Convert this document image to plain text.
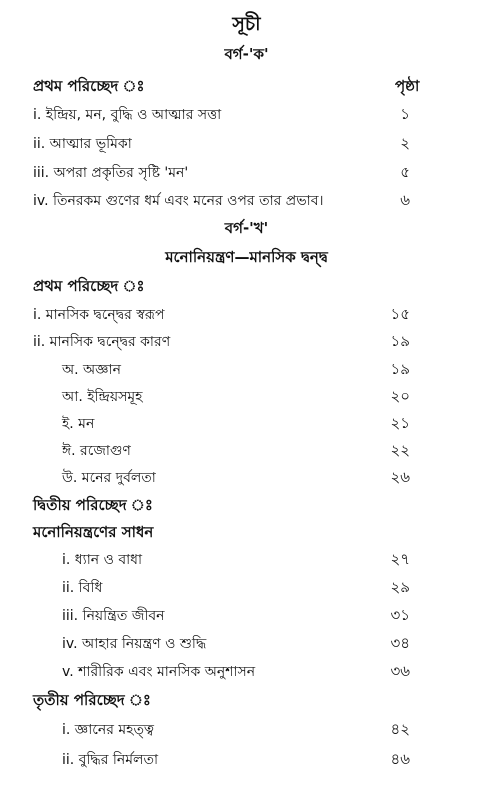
সূচী
বর্গ-'ক'
প্রথম পরিচ্ছেদ ঃ	পৃষ্ঠা
i. ইন্দ্রিয়, মন, বুদ্ধি ও আত্মার সত্তা	১
ii. আত্মার ভূমিকা	২
iii. অপরা প্রকৃতির সৃষ্টি 'মন'	৫
iv. তিনরকম গুণের ধর্ম এবং মনের ওপর তার প্রভাব।	৬
বর্গ-'খ'
মনোনিয়ন্ত্রণ—মানসিক দ্বন্দ্ব
প্রথম পরিচ্ছেদ ঃ
i. মানসিক দ্বন্দ্বের স্বরূপ	১৫
ii. মানসিক দ্বন্দ্বের কারণ	১৯
অ. অজ্ঞান	১৯
আ. ইন্দ্রিয়সমূহ	২০
ই. মন	২১
ঈ. রজোগুণ	২২
উ. মনের দুর্বলতা	২৬
দ্বিতীয় পরিচ্ছেদ ঃ
মনোনিয়ন্ত্রণের সাধন
i. ধ্যান ও বাধা	২৭
ii. বিধি	২৯
iii. নিয়ন্ত্রিত জীবন	৩১
iv. আহার নিয়ন্ত্রণ ও শুদ্ধি	৩৪
v. শারীরিক এবং মানসিক অনুশাসন	৩৬
তৃতীয় পরিচ্ছেদ ঃ
i. জ্ঞানের মহত্ত্ব	৪২
ii. বুদ্ধির নির্মলতা	৪৬
